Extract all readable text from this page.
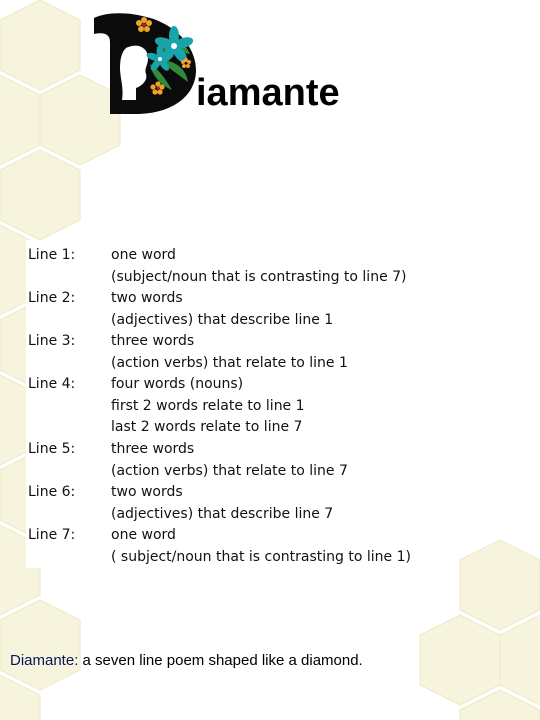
iamante
Line 1:	one word
(subject/noun that is contrasting to line 7)
Line 2:	two words
(adjectives) that describe line 1
Line 3:	three words
(action verbs) that relate to line 1
Line 4:	four words (nouns)
first 2 words relate to line 1
last 2 words relate to line 7
Line 5:	three words
(action verbs) that relate to line 7
Line 6:	two words
(adjectives) that describe line 7
Line 7:	one word
( subject/noun that is contrasting to line 1)
Diamante: a seven line poem shaped like a diamond.
